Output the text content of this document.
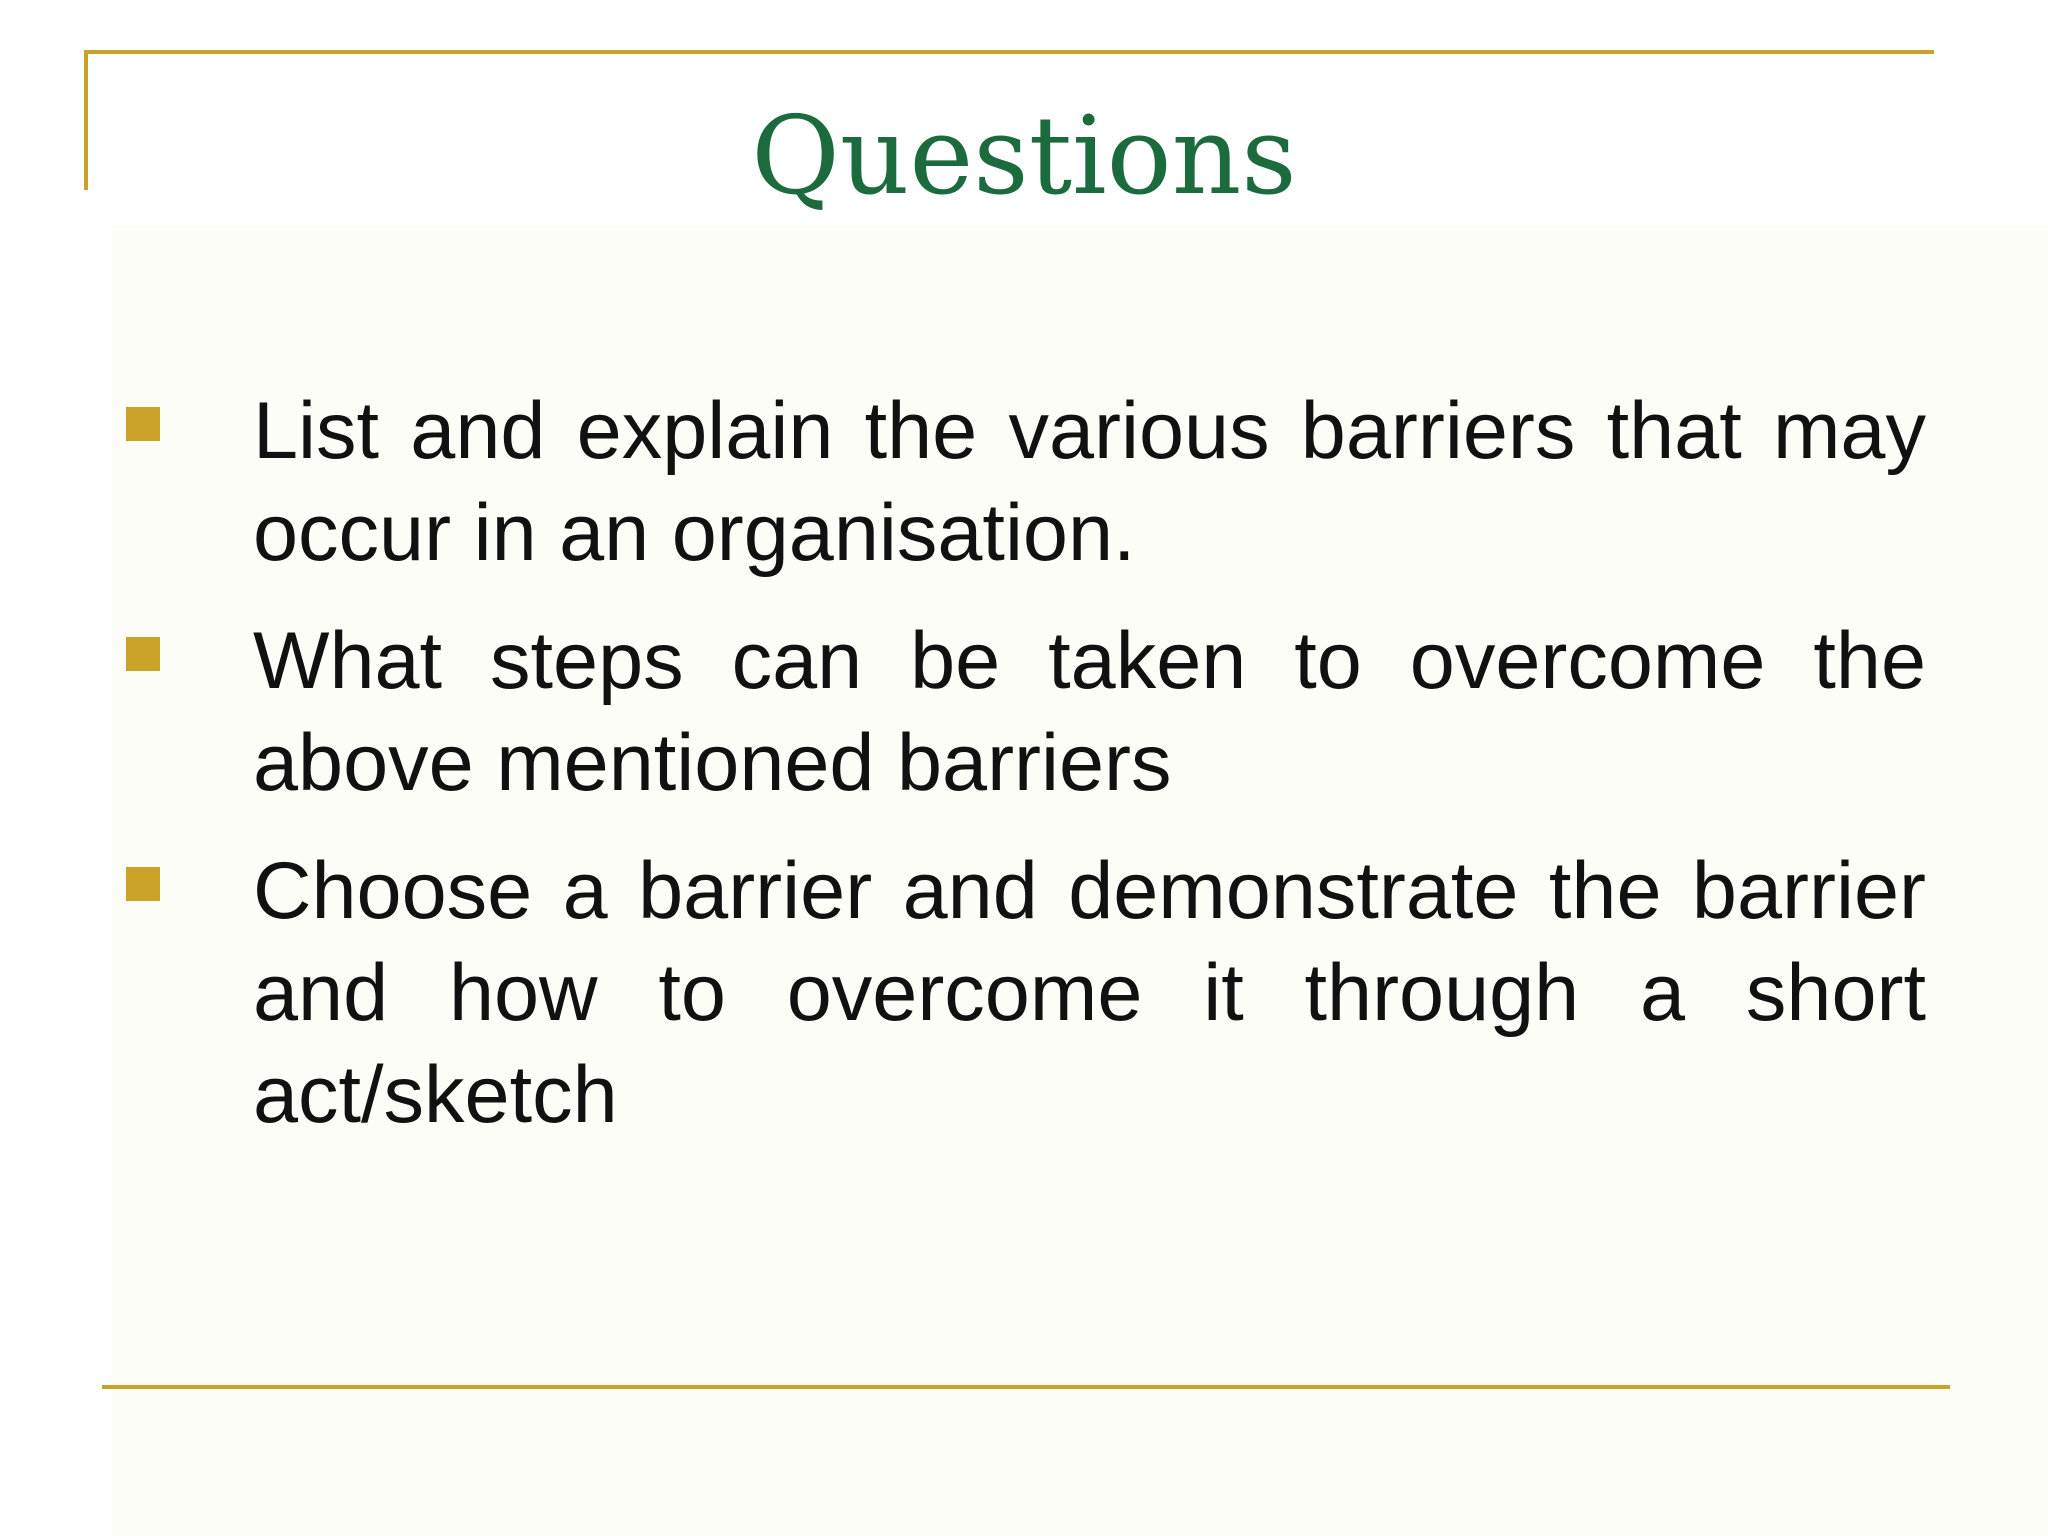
Questions
List and explain the various barriers that may occur in an organisation.
What steps can be taken to overcome the above mentioned barriers
Choose a barrier and demonstrate the barrier and how to overcome it through a short act/sketch
